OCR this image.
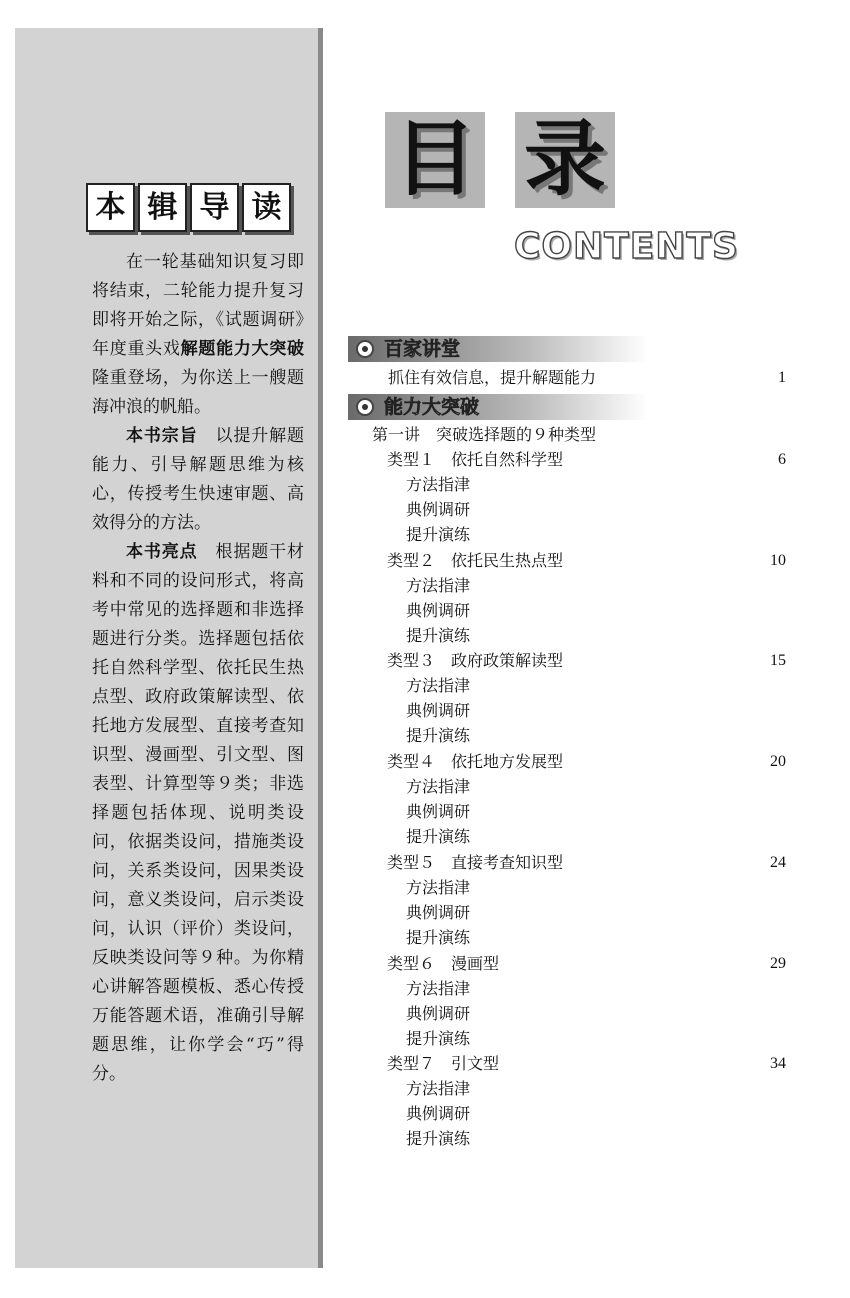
本 辑 导 读

在一轮基础知识复习即将结束，二轮能力提升复习即将开始之际，《试题调研》年度重头戏解题能力大突破隆重登场，为你送上一艘题海冲浪的帆船。

本书宗旨　 以提升解题能力、引导解题思维为核心，传授考生快速审题、高效得分的方法。

本书亮点　 根据题干材料和不同的设问形式，将高考中常见的选择题和非选择题进行分类。选择题包括依托自然科学型、依托民生热点型、政府政策解读型、依托地方发展型、直接考查知识型、漫画型、引文型、图表型、计算型等９类；非选择题包括体现、说明类设问，依据类设问，措施类设问，关系类设问，因果类设问，意义类设问，启示类设问，认识（评价）类设问，反映类设问等９种。为你精心讲解答题模板、悉心传授万能答题术语，准确引导解题思维，让你学会“巧”得分。

目 录
CONTENTS
百家讲堂
抓住有效信息，提升解题能力	1
能力大突破
第一讲　突破选择题的９种类型
类型１ 依托自然科学型	6
方法指津
典例调研
提升演练
类型２ 依托民生热点型	10
方法指津
典例调研
提升演练
类型３ 政府政策解读型	15
方法指津
典例调研
提升演练
类型４ 依托地方发展型	20
方法指津
典例调研
提升演练
类型５ 直接考查知识型	24
方法指津
典例调研
提升演练
类型６ 漫画型	29
方法指津
典例调研
提升演练
类型７ 引文型	34
方法指津
典例调研
提升演练
